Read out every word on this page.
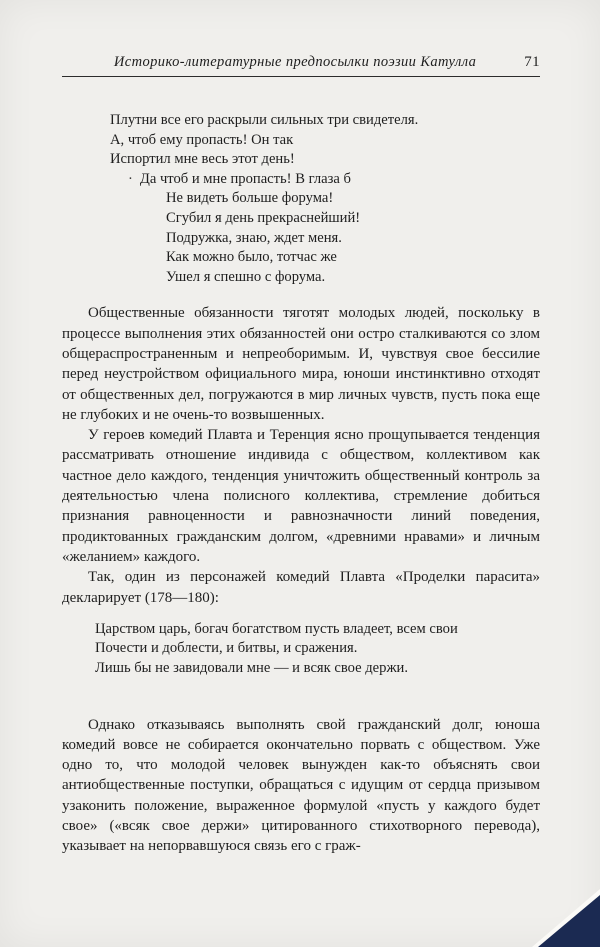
Историко-литературные предпосылки поэзии Катулла	71
Плутни все его раскрыли сильных три свидетеля.
А, чтоб ему пропасть! Он так
Испортил мне весь этот день!
· Да чтоб и мне пропасть! В глаза б
Не видеть больше форума!
Сгубил я день прекраснейший!
Подружка, знаю, ждет меня.
Как можно было, тотчас же
Ушел я спешно с форума.

Общественные обязанности тяготят молодых людей, поскольку в процессе выполнения этих обязанностей они остро сталкиваются со злом общераспространенным и непреоборимым. И, чувствуя свое бессилие перед неустройством официального мира, юноши инстинктивно отходят от общественных дел, погружаются в мир личных чувств, пусть пока еще не глубоких и не очень-то возвышенных.

У героев комедий Плавта и Теренция ясно прощупывается тенденция рассматривать отношение индивида с обществом, коллективом как частное дело каждого, тенденция уничтожить общественный контроль за деятельностью члена полисного коллектива, стремление добиться признания равноценности и равнозначности линий поведения, продиктованных гражданским долгом, «древними нравами» и личным «желанием» каждого.

Так, один из персонажей комедий Плавта «Проделки парасита» декларирует (178—180):

Царством царь, богач богатством пусть владеет, всем свои
Почести и доблести, и битвы, и сражения.
Лишь бы не завидовали мне — и всяк свое держи.

Однако отказываясь выполнять свой гражданский долг, юноша комедий вовсе не собирается окончательно порвать с обществом. Уже одно то, что молодой человек вынужден как-то объяснять свои антиобщественные поступки, обращаться с идущим от сердца призывом узаконить положение, выраженное формулой «пусть у каждого будет свое» («всяк свое держи» цитированного стихотворного перевода), указывает на непорвавшуюся связь его с граж-
